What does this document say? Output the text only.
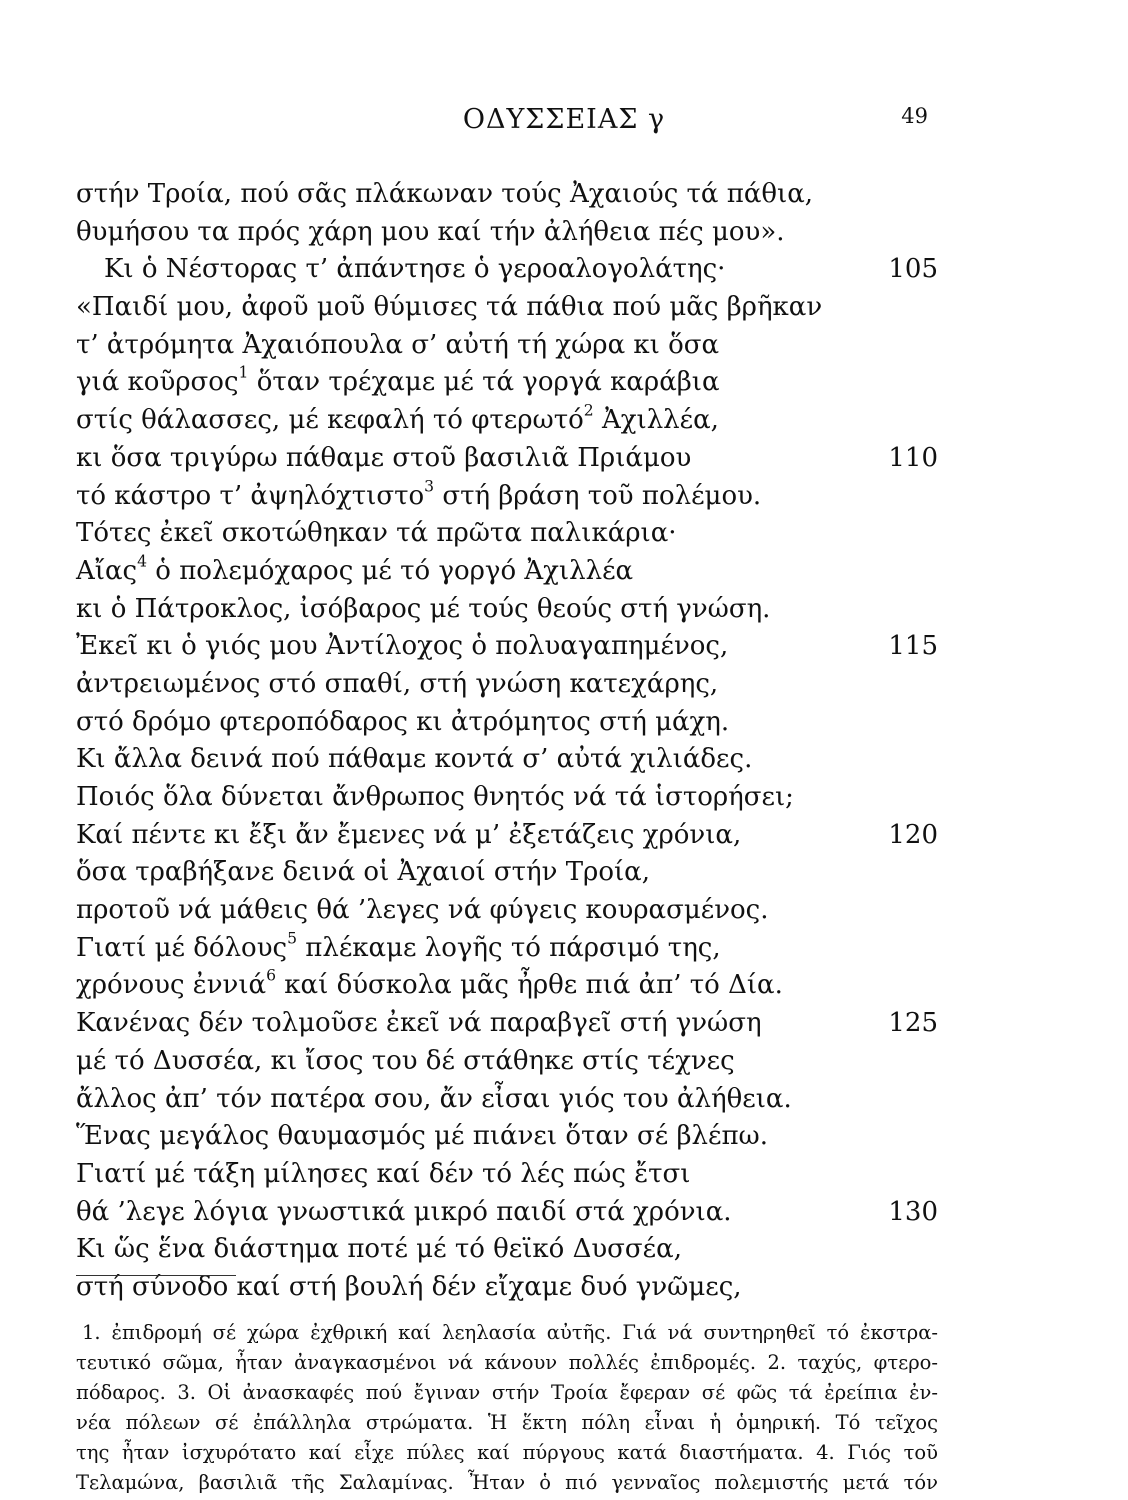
ΟΔΥΣΣΕΙΑΣ γ	49
στήν Τροία, πού σᾶς πλάκωναν τούς Ἀχαιούς τά πάθια,
θυμήσου τα πρός χάρη μου καί τήν ἀλήθεια πές μου».
Κι ὁ Νέστορας τ’ ἀπάντησε ὁ γεροαλογολάτης·	105
«Παιδί μου, ἀφοῦ μοῦ θύμισες τά πάθια πού μᾶς βρῆκαν
τ’ ἀτρόμητα Ἀχαιόπουλα σ’ αὐτή τή χώρα κι ὅσα
γιά κοῦρσος$^1$ ὅταν τρέχαμε μέ τά γοργά καράβια
στίς θάλασσες, μέ κεφαλή τό φτερωτό$^2$ Ἀχιλλέα,
κι ὅσα τριγύρω πάθαμε στοῦ βασιλιᾶ Πριάμου	110
τό κάστρο τ’ ἀψηλόχτιστο$^3$ στή βράση τοῦ πολέμου.
Τότες ἐκεῖ σκοτώθηκαν τά πρῶτα παλικάρια·
Αἴας$^4$ ὁ πολεμόχαρος μέ τό γοργό Ἀχιλλέα
κι ὁ Πάτροκλος, ἰσόβαρος μέ τούς θεούς στή γνώση.
Ἐκεῖ κι ὁ γιός μου Ἀντίλοχος ὁ πολυαγαπημένος,	115
ἀντρειωμένος στό σπαθί, στή γνώση κατεχάρης,
στό δρόμο φτεροπόδαρος κι ἀτρόμητος στή μάχη.
Κι ἄλλα δεινά πού πάθαμε κοντά σ’ αὐτά χιλιάδες.
Ποιός ὅλα δύνεται ἄνθρωπος θνητός νά τά ἱστορήσει;
Καί πέντε κι ἔξι ἄν ἔμενες νά μ’ ἐξετάζεις χρόνια,	120
ὅσα τραβήξανε δεινά οἱ Ἀχαιοί στήν Τροία,
προτοῦ νά μάθεις θά ’λεγες νά φύγεις κουρασμένος.
Γιατί μέ δόλους$^5$ πλέκαμε λογῆς τό πάρσιμό της,
χρόνους ἐννιά$^6$ καί δύσκολα μᾶς ἦρθε πιά ἀπ’ τό Δία.
Κανένας δέν τολμοῦσε ἐκεῖ νά παραβγεῖ στή γνώση	125
μέ τό Δυσσέα, κι ἴσος του δέ στάθηκε στίς τέχνες
ἄλλος ἀπ’ τόν πατέρα σου, ἄν εἶσαι γιός του ἀλήθεια.
Ἕνας μεγάλος θαυμασμός μέ πιάνει ὅταν σέ βλέπω.
Γιατί μέ τάξη μίλησες καί δέν τό λές πώς ἔτσι
θά ’λεγε λόγια γνωστικά μικρό παιδί στά χρόνια.	130
Κι ὥς ἕνα διάστημα ποτέ μέ τό θεϊκό Δυσσέα,
στή σύνοδο καί στή βουλή δέν εἴχαμε δυό γνῶμες,

1. ἐπιδρομή σέ χώρα ἐχθρική καί λεηλασία αὐτῆς. Γιά νά συντηρηθεῖ τό ἐκστρα-

τευτικό σῶμα, ἦταν ἀναγκασμένοι νά κάνουν πολλές ἐπιδρομές. 2. ταχύς, φτερο-

πόδαρος. 3. Οἱ ἀνασκαφές πού ἔγιναν στήν Τροία ἔφεραν σέ φῶς τά ἐρείπια ἐν-

νέα πόλεων σέ ἐπάλληλα στρώματα. Ἡ ἕκτη πόλη εἶναι ἡ ὁμηρική. Τό τεῖχος

της ἦταν ἰσχυρότατο καί εἶχε πύλες καί πύργους κατά διαστήματα. 4. Γιός τοῦ

Τελαμώνα, βασιλιᾶ τῆς Σαλαμίνας. Ἦταν ὁ πιό γενναῖος πολεμιστής μετά τόν
